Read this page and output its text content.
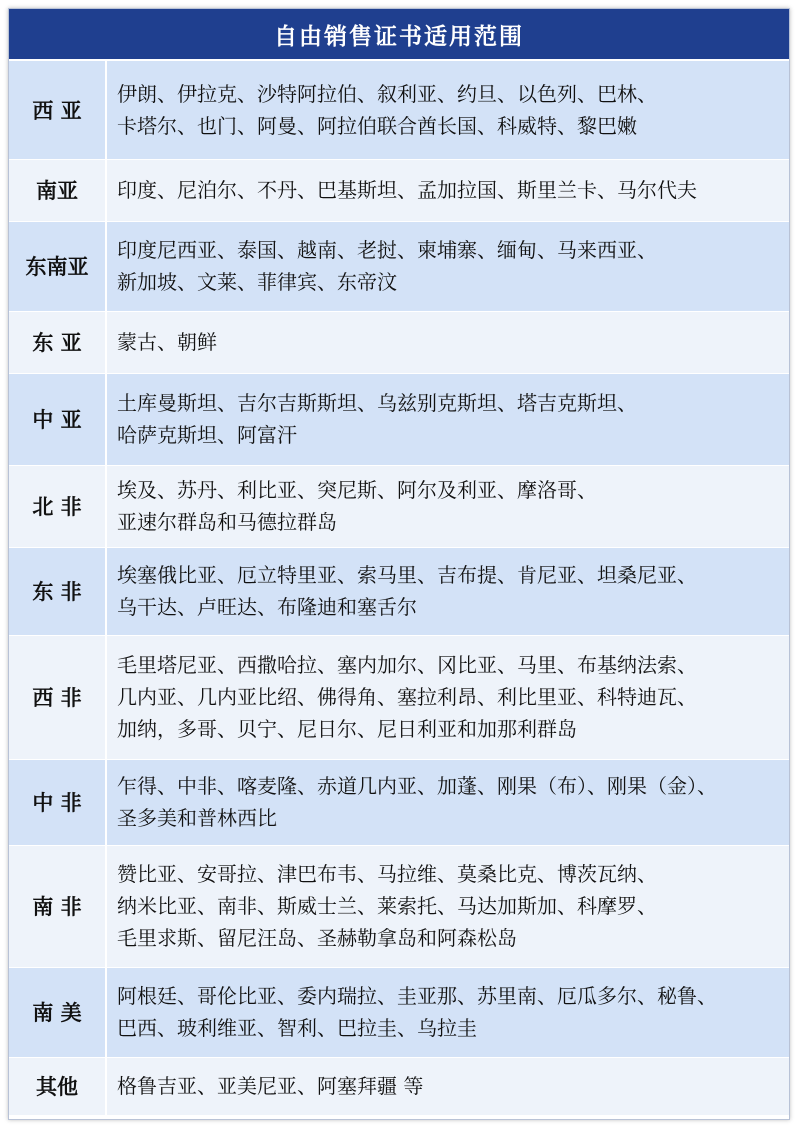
自由销售证书适用范围
西 亚	伊朗、伊拉克、沙特阿拉伯、叙利亚、约旦、以色列、巴林、
卡塔尔、也门、阿曼、阿拉伯联合酋长国、科威特、黎巴嫩

南亚	印度、尼泊尔、不丹、巴基斯坦、孟加拉国、斯里兰卡、马尔代夫

东南亚	印度尼西亚、泰国、越南、老挝、柬埔寨、缅甸、马来西亚、
新加坡、文莱、菲律宾、东帝汶

东 亚	蒙古、朝鲜

中 亚	土库曼斯坦、吉尔吉斯斯坦、乌兹别克斯坦、塔吉克斯坦、
哈萨克斯坦、阿富汗

北 非	埃及、苏丹、利比亚、突尼斯、阿尔及利亚、摩洛哥、
亚速尔群岛和马德拉群岛

东 非	埃塞俄比亚、厄立特里亚、索马里、吉布提、肯尼亚、坦桑尼亚、
乌干达、卢旺达、布隆迪和塞舌尔

西 非	毛里塔尼亚、西撒哈拉、塞内加尔、冈比亚、马里、布基纳法索、
几内亚、几内亚比绍、佛得角、塞拉利昂、利比里亚、科特迪瓦、
加纳，多哥、贝宁、尼日尔、尼日利亚和加那利群岛

中 非	乍得、中非、喀麦隆、赤道几内亚、加蓬、刚果（布）、刚果（金）、
圣多美和普林西比

南 非	赞比亚、安哥拉、津巴布韦、马拉维、莫桑比克、博茨瓦纳、
纳米比亚、南非、斯威士兰、莱索托、马达加斯加、科摩罗、
毛里求斯、留尼汪岛、圣赫勒拿岛和阿森松岛

南 美	阿根廷、哥伦比亚、委内瑞拉、圭亚那、苏里南、厄瓜多尔、秘鲁、
巴西、玻利维亚、智利、巴拉圭、乌拉圭

其他	格鲁吉亚、亚美尼亚、阿塞拜疆 等
